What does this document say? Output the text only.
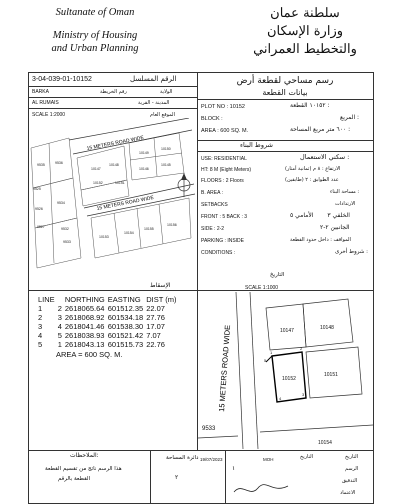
Sultanate of Oman
Ministry of Housing
and Urban Planning
سلطنة عمان
وزارة الإسكان
والتخطيط العمراني
3-04-039-01-10152	الرقم المسلسل
BARKA	رقم الخريطة	الولاية
AL RUMAIS	المدينة - القرية
SCALE 1:2000	الموقع العام
15 METERS ROAD WIDE
15 METERS ROAD WIDE
9535	9536
9525
9526
9527
9534
9533
9532
10147
10148
10149
10150
10151
10152
10153
10154
10155
10156
10146
10145
الإسقاط
رسم مساحي لقطعة أرض
بيانات القطعة
PLOT NO : 10152	١٠١٥٢ القطعة :
BLOCK :	المربع :
AREA : 600 SQ. M.	٦٠٠ متر مربع المساحة :
شروط البناء
USE: RESIDENTIAL	سكني الاستعمال :
HT: 8 M (Eight Meters)	الارتفاع : ٨ م (ثمانية أمتار)
FLOORS : 2 Floors	عدد الطوابق : ٢ (طابقين)
B. AREA :	مساحة البناء :
SETBACKS	الارتدادات
FRONT : 5 BACK : 3	الخلفي ٣  الأمامي ٥
SIDE : 2-2	الجانبين ٢-٢
PARKING : INSIDE	المواقف : داخل حدود القطعة
CONDITIONS :	شروط أخرى :
التاريخ
LINE		NORTHING	EASTING	DIST (m)
1	2	2618065.64	601512.35	22.07
2	3	2618068.92	601534.18	27.76
3	4	2618041.46	601538.30	17.07
4	5	2618038.93	601521.42	7.07
5	1	2618043.13	601515.73	22.76
AREA = 600 SQ. M.
SCALE 1:1000
15 METERS ROAD WIDE	10147	10148
10152
10151
10154
9533
1
2
3
4
5
الملاحظات:
هذا الرسم ناتج من تقسيم القطعة
القطعة بالرقم
دائرة المساحة
٢
١
19/07/2023	MOH	التاريخ	التاريخ
الرسم
التدقيق
الاعتماد
